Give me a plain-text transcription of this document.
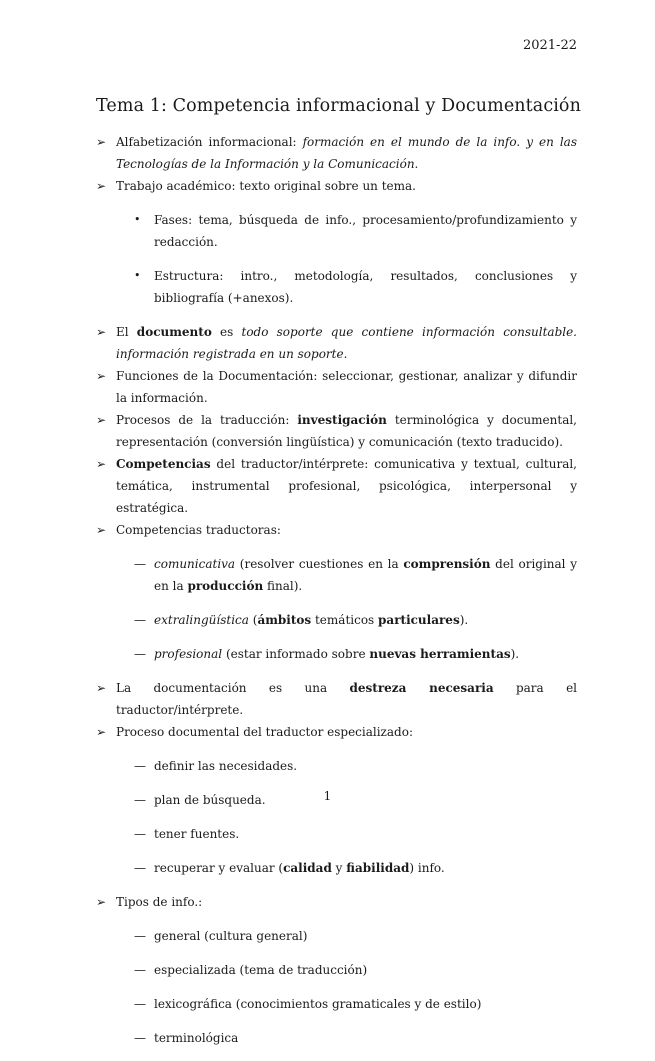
2021-22
Tema 1: Competencia informacional y Documentación

➢ Alfabetización informacional: formación en el mundo de la info. y en las Tecnologías de la Información y la Comunicación.

➢ Trabajo académico: texto original sobre un tema.

• Fases: tema, búsqueda de info., procesamiento/profundizamiento y redacción.

• Estructura: intro., metodología, resultados, conclusiones y bibliografía (+anexos).

➢ El documento es todo soporte que contiene información consultable. información registrada en un soporte.

➢ Funciones de la Documentación: seleccionar, gestionar, analizar y difundir la información.

➢ Procesos de la traducción: investigación terminológica y documental, representación (conversión lingüística) y comunicación (texto traducido).

➢ Competencias del traductor/intérprete: comunicativa y textual, cultural, temática, instrumental profesional, psicológica, interpersonal y estratégica.

➢ Competencias traductoras:

— comunicativa (resolver cuestiones en la comprensión del original y en la producción final).

— extralingüística (ámbitos temáticos particulares).

— profesional (estar informado sobre nuevas herramientas).

➢ La documentación es una destreza necesaria para el traductor/intérprete.

➢ Proceso documental del traductor especializado:

— definir las necesidades.

— plan de búsqueda.

— tener fuentes.

— recuperar y evaluar (calidad y fiabilidad) info.

➢ Tipos de info.:

— general (cultura general)

— especializada (tema de traducción)

— lexicográfica (conocimientos gramaticales y de estilo)

— terminológica

1
